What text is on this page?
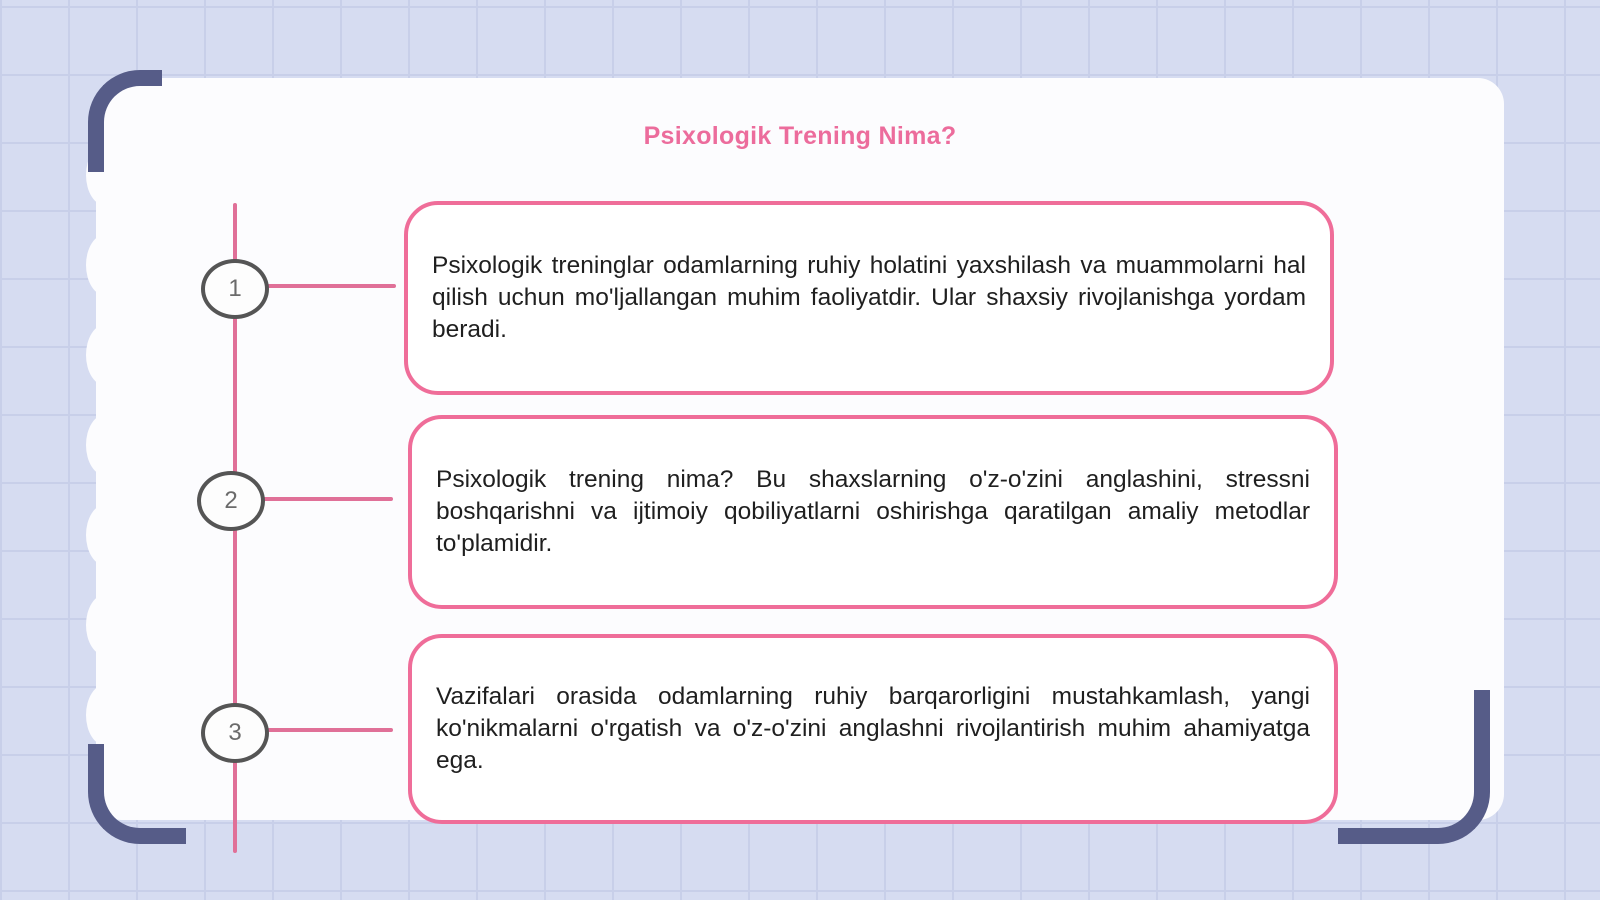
Psixologik Trening Nima?
1

Psixologik treninglar odamlarning ruhiy holatini yaxshilash va muammolarni hal qilish uchun mo'ljallangan muhim faoliyatdir. Ular shaxsiy rivojlanishga yordam beradi.

2

Psixologik trening nima? Bu shaxslarning o'z-o'zini anglashini, stressni boshqarishni va ijtimoiy qobiliyatlarni oshirishga qaratilgan amaliy metodlar to'plamidir.

3

Vazifalari orasida odamlarning ruhiy barqarorligini mustahkamlash, yangi ko'nikmalarni o'rgatish va o'z-o'zini anglashni rivojlantirish muhim ahamiyatga ega.
